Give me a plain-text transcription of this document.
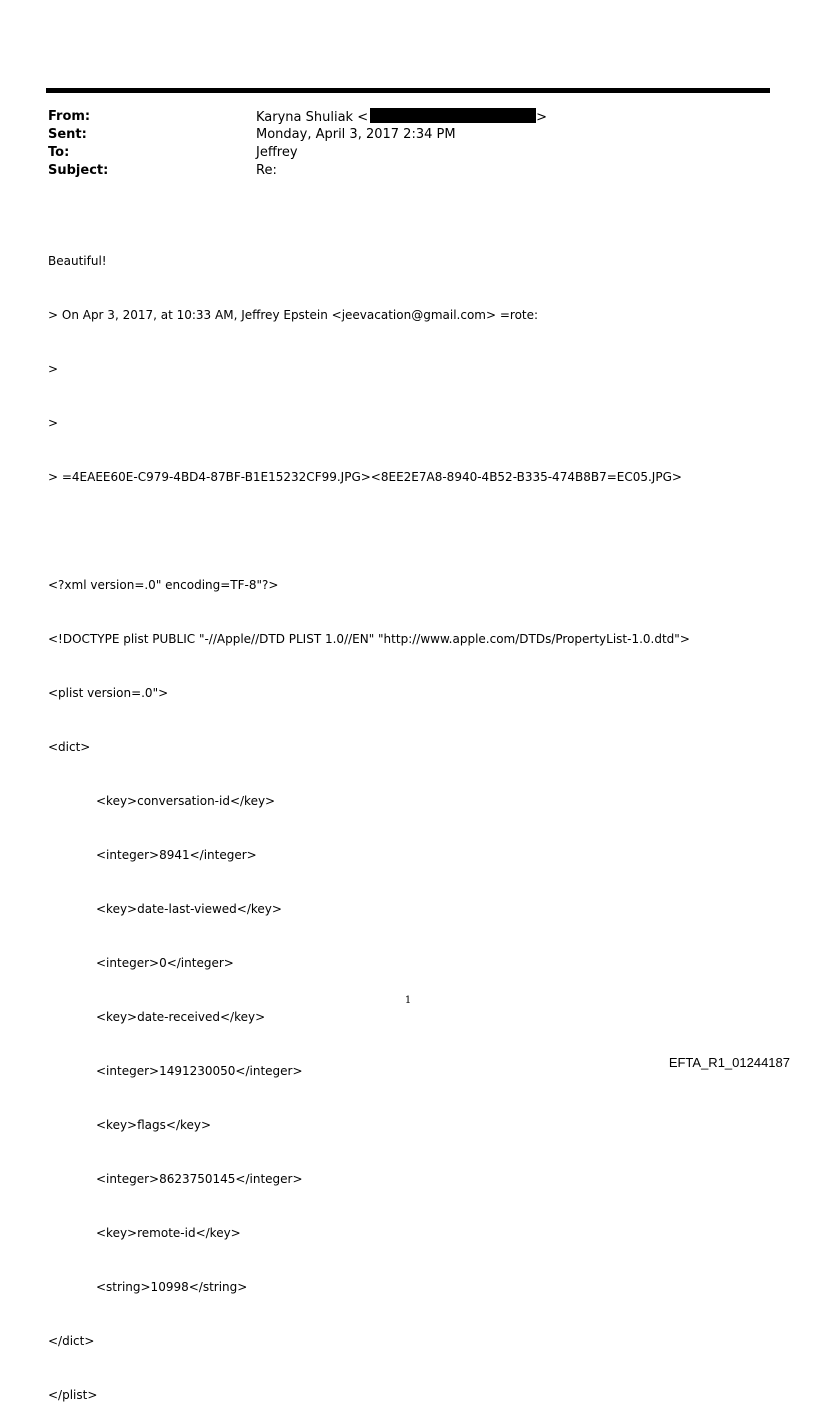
From:	Karyna Shuliak <	>
Sent:	Monday, April 3, 2017 2:34 PM
To:	Jeffrey
Subject:	Re:

Beautiful!

> On Apr 3, 2017, at 10:33 AM, Jeffrey Epstein <jeevacation@gmail.com> =rote:

>

>

> =4EAEE60E-C979-4BD4-87BF-B1E15232CF99.JPG><8EE2E7A8-8940-4B52-B335-474B8B7=EC05.JPG>

<?xml version=.0" encoding=TF-8"?>

<!DOCTYPE plist PUBLIC "-//Apple//DTD PLIST 1.0//EN" "http://www.apple.com/DTDs/PropertyList-1.0.dtd">

<plist version=.0">

<dict>

<key>conversation-id</key>

<integer>8941</integer>

<key>date-last-viewed</key>

<integer>0</integer>

<key>date-received</key>

<integer>1491230050</integer>

<key>flags</key>

<integer>8623750145</integer>

<key>remote-id</key>

<string>10998</string>

</dict>

</plist>

1
EFTA_R1_01244187
